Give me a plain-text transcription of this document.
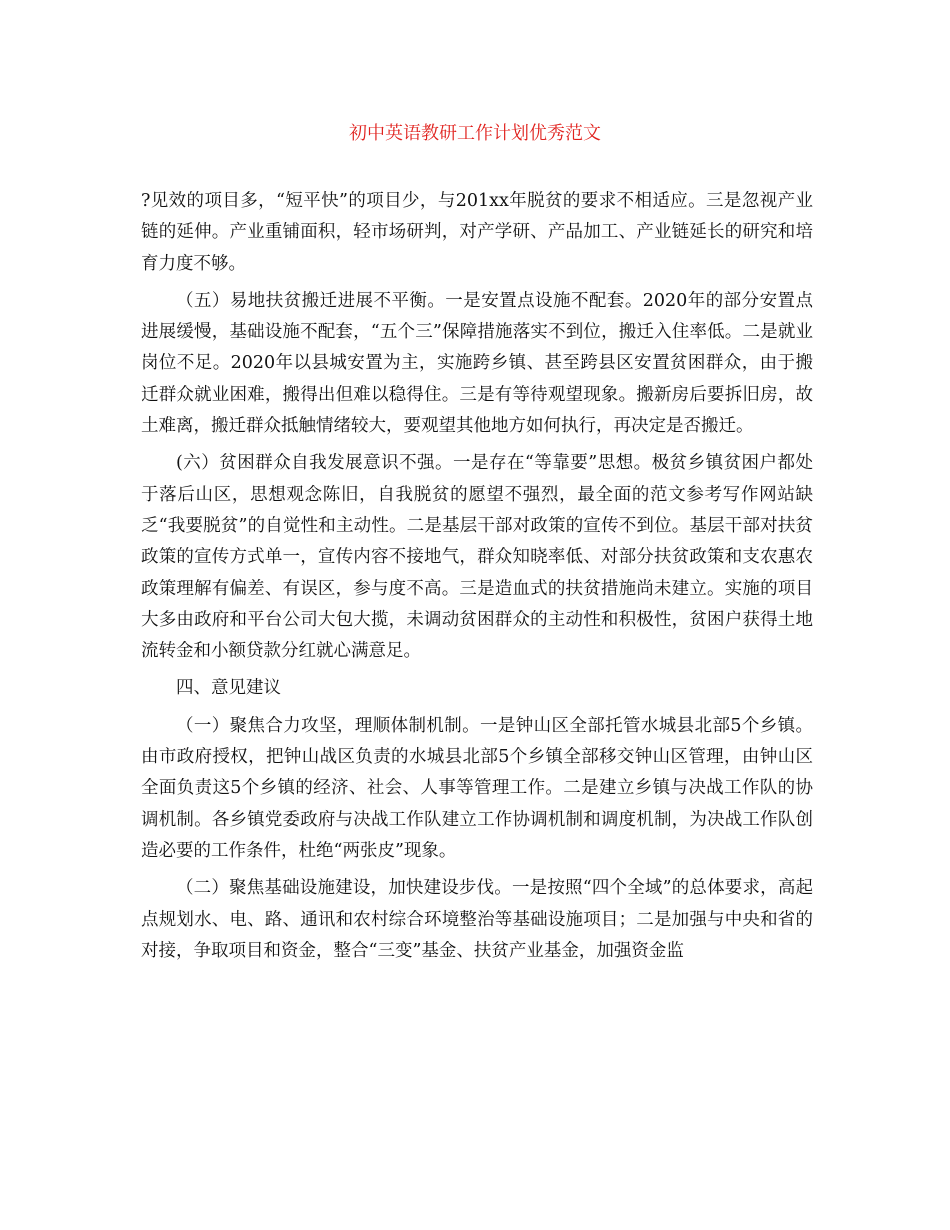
初中英语教研工作计划优秀范文

?见效的项目多，“短平快”的项目少，与201xx年脱贫的要求不相适应。三是忽视产业链的延伸。产业重铺面积，轻市场研判，对产学研、产品加工、产业链延长的研究和培育力度不够。

（五）易地扶贫搬迁进展不平衡。一是安置点设施不配套。2020年的部分安置点进展缓慢，基础设施不配套，“五个三”保障措施落实不到位，搬迁入住率低。二是就业岗位不足。2020年以县城安置为主，实施跨乡镇、甚至跨县区安置贫困群众，由于搬迁群众就业困难，搬得出但难以稳得住。三是有等待观望现象。搬新房后要拆旧房，故土难离，搬迁群众抵触情绪较大，要观望其他地方如何执行，再决定是否搬迁。

(六）贫困群众自我发展意识不强。一是存在“等靠要”思想。极贫乡镇贫困户都处于落后山区，思想观念陈旧，自我脱贫的愿望不强烈，最全面的范文参考写作网站缺乏“我要脱贫”的自觉性和主动性。二是基层干部对政策的宣传不到位。基层干部对扶贫政策的宣传方式单一，宣传内容不接地气，群众知晓率低、对部分扶贫政策和支农惠农政策理解有偏差、有误区，参与度不高。三是造血式的扶贫措施尚未建立。实施的项目大多由政府和平台公司大包大揽，未调动贫困群众的主动性和积极性，贫困户获得土地流转金和小额贷款分红就心满意足。

四、意见建议

（一）聚焦合力攻坚，理顺体制机制。一是钟山区全部托管水城县北部5个乡镇。由市政府授权，把钟山战区负责的水城县北部5个乡镇全部移交钟山区管理，由钟山区全面负责这5个乡镇的经济、社会、人事等管理工作。二是建立乡镇与决战工作队的协调机制。各乡镇党委政府与决战工作队建立工作协调机制和调度机制，为决战工作队创造必要的工作条件，杜绝“两张皮”现象。

（二）聚焦基础设施建设，加快建设步伐。一是按照“四个全域”的总体要求，高起点规划水、电、路、通讯和农村综合环境整治等基础设施项目；二是加强与中央和省的对接，争取项目和资金，整合“三变”基金、扶贫产业基金，加强资金监
